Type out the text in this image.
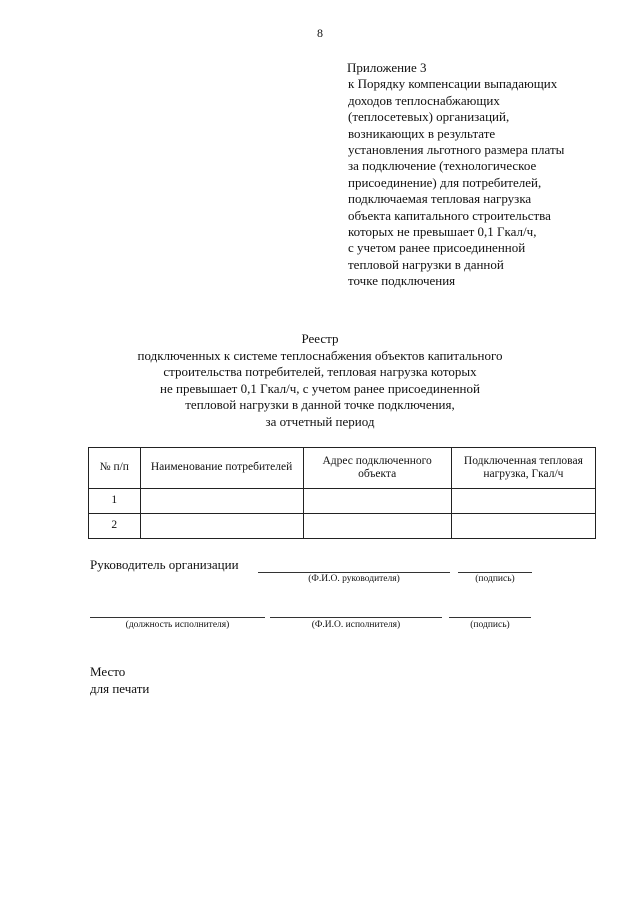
8
Приложение 3
к Порядку компенсации выпадающих
доходов теплоснабжающих
(теплосетевых) организаций,
возникающих в результате
установления льготного размера платы
за подключение (технологическое
присоединение) для потребителей,
подключаемая тепловая нагрузка
объекта капитального строительства
которых не превышает 0,1 Гкал/ч,
с учетом ранее присоединенной
тепловой нагрузки в данной
точке подключения
Реестр
подключенных к системе теплоснабжения объектов капитального
строительства потребителей, тепловая нагрузка которых
не превышает 0,1 Гкал/ч, с учетом ранее присоединенной
тепловой нагрузки в данной точке подключения,
за отчетный период
№ п/п	Наименование потребителей	Адрес подключенного объекта	Подключенная тепловая нагрузка, Гкал/ч
1			
2			
Руководитель организации
(Ф.И.О. руководителя)	(подпись)
(должность исполнителя)	(Ф.И.О. исполнителя)	(подпись)
Место
для печати
